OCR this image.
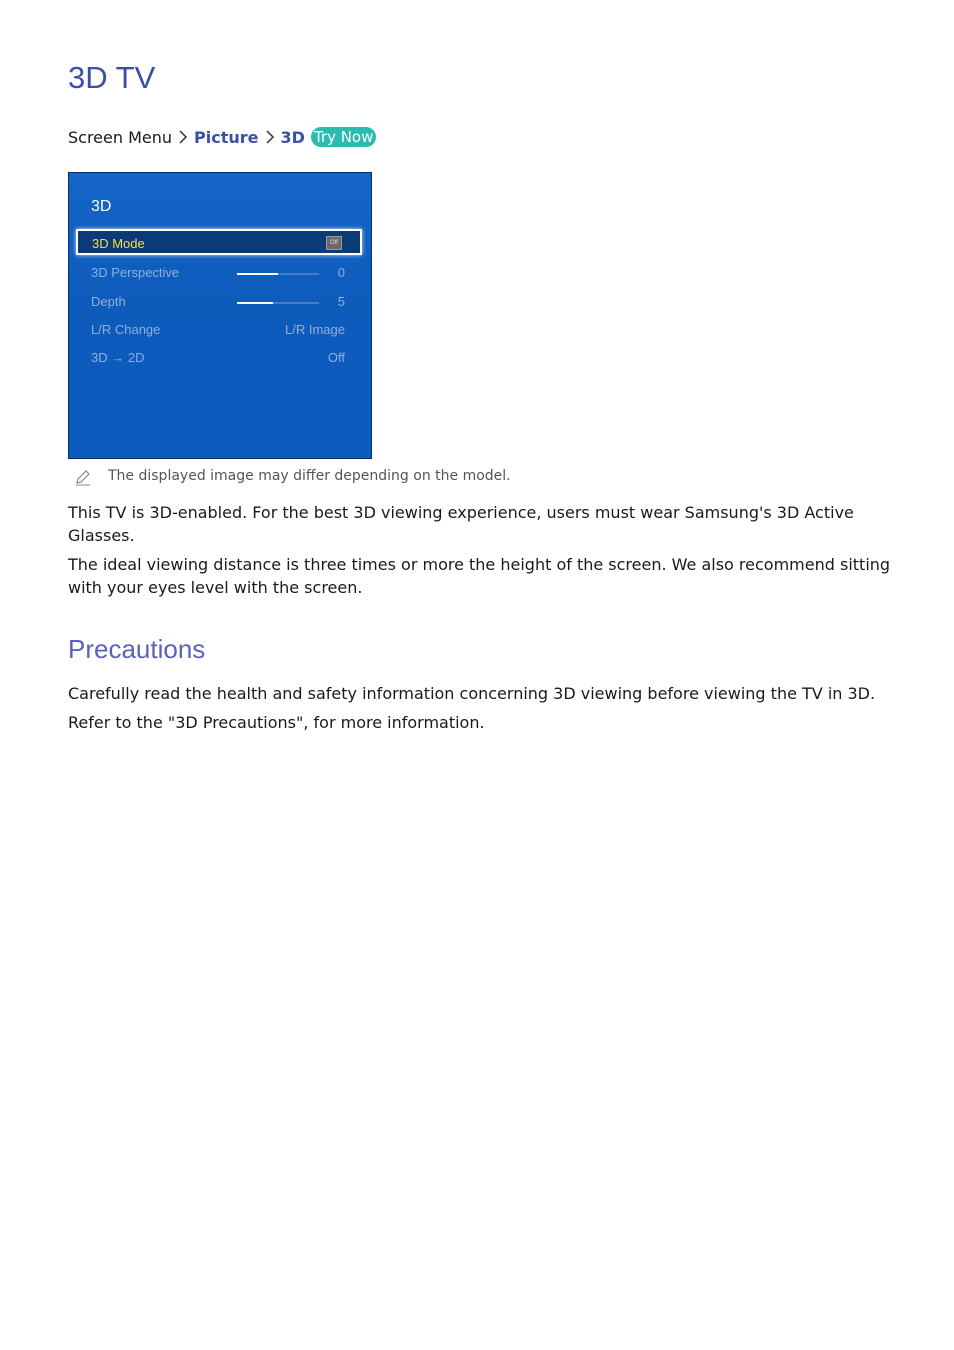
3D TV
Screen Menu Picture 3D Try Now
3D
3D Mode	Off
3D Perspective	0
Depth	5
L/R Change	L/R Image
3D → 2D	Off
The displayed image may differ depending on the model.

This TV is 3D-enabled. For the best 3D viewing experience, users must wear Samsung's 3D Active Glasses.

The ideal viewing distance is three times or more the height of the screen. We also recommend sitting with your eyes level with the screen.

Precautions

Carefully read the health and safety information concerning 3D viewing before viewing the TV in 3D.

Refer to the "3D Precautions", for more information.
